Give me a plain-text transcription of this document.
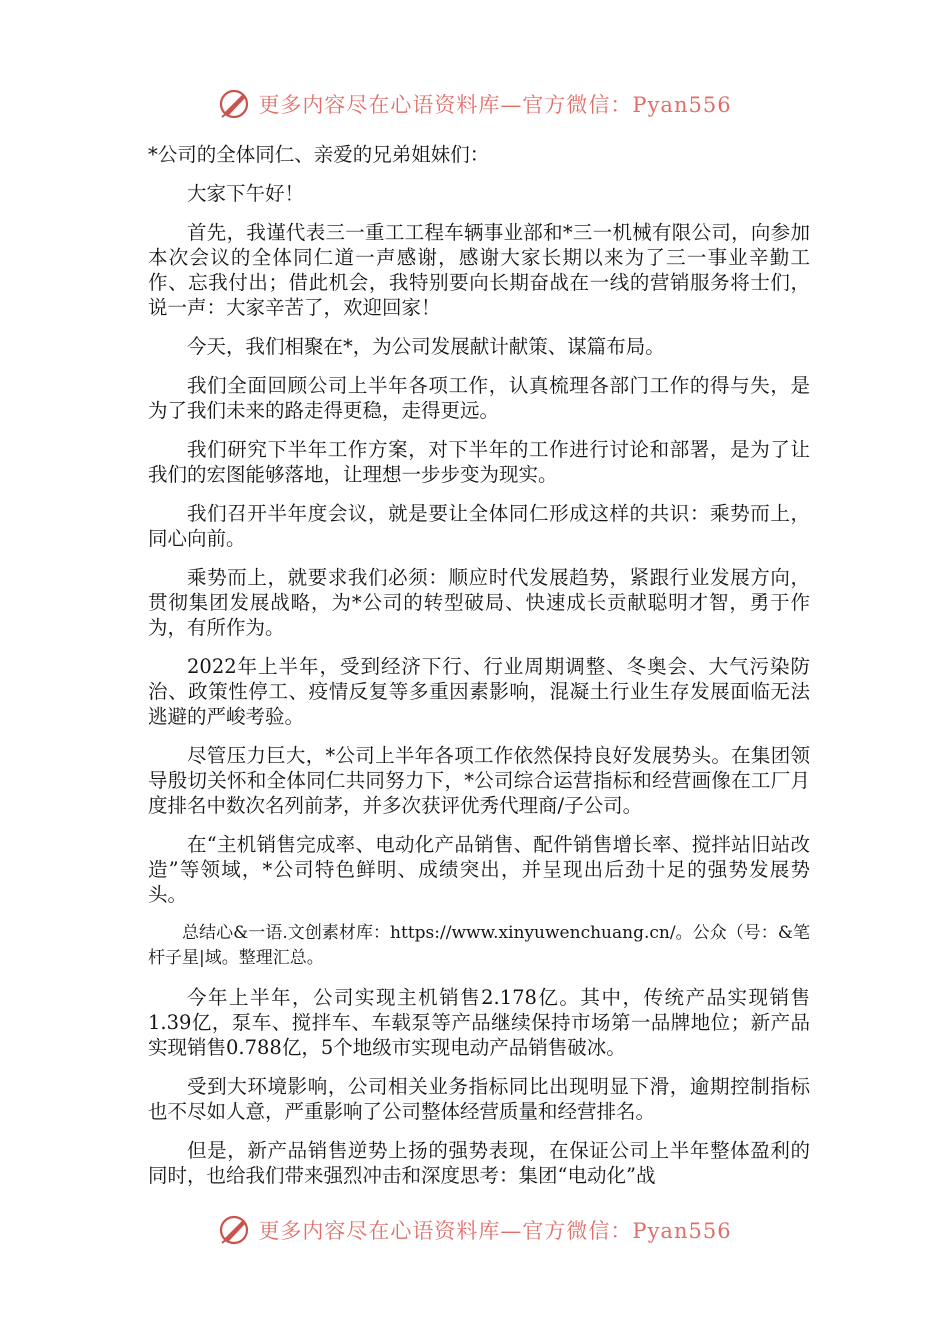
更多内容尽在心语资料库—官方微信：Pyan556

*公司的全体同仁、亲爱的兄弟姐妹们：

大家下午好！

首先，我谨代表三一重工工程车辆事业部和*三一机械有限公司，向参加本次会议的全体同仁道一声感谢，感谢大家长期以来为了三一事业辛勤工作、忘我付出；借此机会，我特别要向长期奋战在一线的营销服务将士们，说一声：大家辛苦了，欢迎回家！

今天，我们相聚在*，为公司发展献计献策、谋篇布局。

我们全面回顾公司上半年各项工作，认真梳理各部门工作的得与失，是为了我们未来的路走得更稳，走得更远。

我们研究下半年工作方案，对下半年的工作进行讨论和部署，是为了让我们的宏图能够落地，让理想一步步变为现实。

我们召开半年度会议，就是要让全体同仁形成这样的共识：乘势而上，同心向前。

乘势而上，就要求我们必须：顺应时代发展趋势，紧跟行业发展方向，贯彻集团发展战略，为*公司的转型破局、快速成长贡献聪明才智，勇于作为，有所作为。

2022年上半年，受到经济下行、行业周期调整、冬奥会、大气污染防治、政策性停工、疫情反复等多重因素影响，混凝土行业生存发展面临无法逃避的严峻考验。

尽管压力巨大，*公司上半年各项工作依然保持良好发展势头。在集团领导殷切关怀和全体同仁共同努力下，*公司综合运营指标和经营画像在工厂月度排名中数次名列前茅，并多次获评优秀代理商/子公司。

在“主机销售完成率、电动化产品销售、配件销售增长率、搅拌站旧站改造”等领域，*公司特色鲜明、成绩突出，并呈现出后劲十足的强势发展势头。

总结心&一语.文创素材库：https://www.xinyuwenchuang.cn/。公众（号：&笔杆子星|域。整理汇总。

今年上半年，公司实现主机销售2.178亿。其中，传统产品实现销售1.39亿，泵车、搅拌车、车载泵等产品继续保持市场第一品牌地位；新产品实现销售0.788亿，5个地级市实现电动产品销售破冰。

受到大环境影响，公司相关业务指标同比出现明显下滑，逾期控制指标也不尽如人意，严重影响了公司整体经营质量和经营排名。

但是，新产品销售逆势上扬的强势表现，在保证公司上半年整体盈利的同时，也给我们带来强烈冲击和深度思考：集团“电动化”战

更多内容尽在心语资料库—官方微信：Pyan556
